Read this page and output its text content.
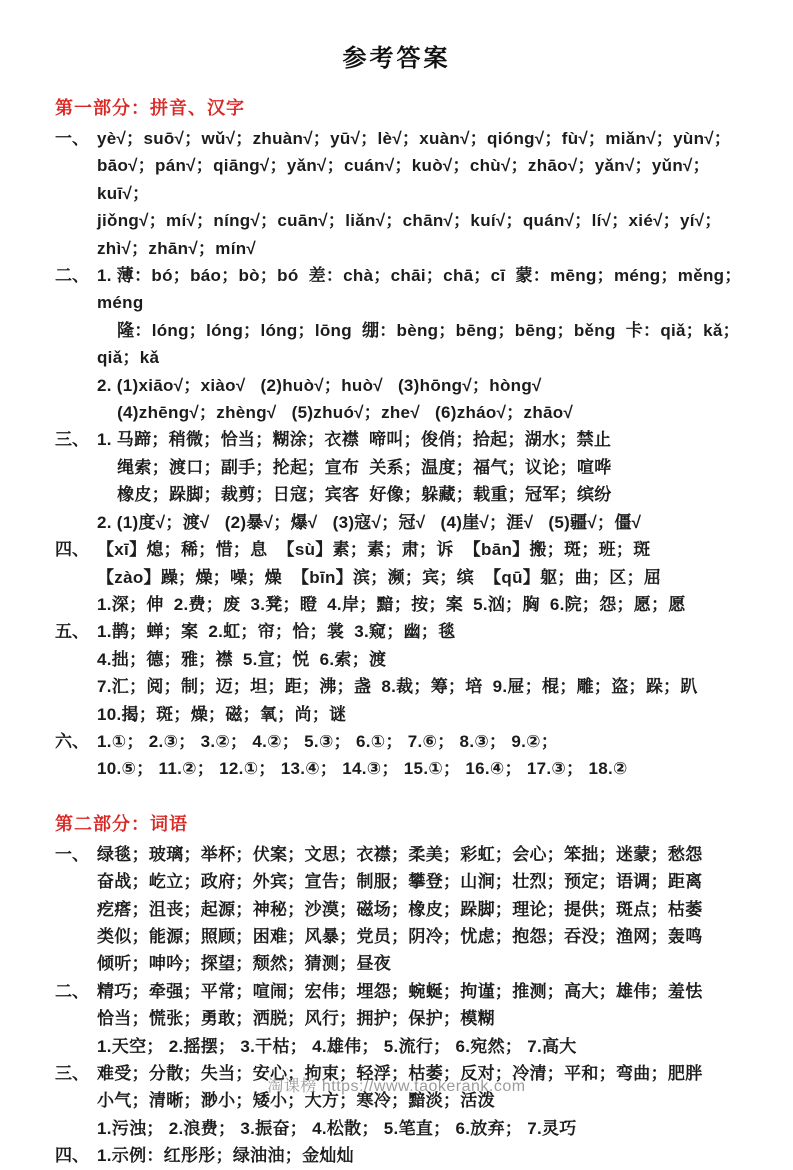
参考答案
第一部分：拼音、汉字
一、 yè√；suō√；wǔ√；zhuàn√；yū√；lè√；xuàn√；qióng√；fù√；miǎn√；yùn√；
bāo√；pán√；qiāng√；yǎn√；cuán√；kuò√；chù√；zhāo√；yǎn√；yǔn√；kuī√；
jiǒng√；mí√；níng√；cuān√；liǎn√；chān√；kuí√；quán√；lí√；xié√；yí√；
zhì√；zhān√；mín√
二、 1. 薄：bó；báo；bò；bó  差：chà；chāi；chā；cī  蒙：mēng；méng；měng；méng
隆：lóng；lóng；lóng；lōng  绷：bèng；bēng；bēng；běng  卡：qiǎ；kǎ；qiǎ；kǎ
2. (1)xiāo√；xiào√   (2)huò√；huò√   (3)hōng√；hòng√
(4)zhēng√；zhèng√   (5)zhuó√；zhe√   (6)zháo√；zhāo√
三、 1. 马蹄；稍微；恰当；糊涂；衣襟  啼叫；俊俏；拾起；湖水；禁止
绳索；渡口；副手；抡起；宣布  关系；温度；福气；议论；喧哗
橡皮；跺脚；裁剪；日寇；宾客  好像；躲藏；载重；冠军；缤纷
2. (1)度√；渡√   (2)暴√；爆√   (3)寇√；冠√   (4)崖√；涯√   (5)疆√；僵√
四、 【xī】熄；稀；惜；息  【sù】素；素；肃；诉  【bān】搬；斑；班；斑
【zào】躁；燥；噪；燥  【bīn】滨；濒；宾；缤  【qū】躯；曲；区；屈
1.深；伸  2.费；废  3.凳；瞪  4.岸；黯；按；案  5.汹；胸  6.院；怨；愿；愿
五、 1.鹊；蝉；案  2.虹；帘；恰；裳  3.窥；幽；毯
4.拙；德；雅；襟  5.宣；悦  6.索；渡
7.汇；阅；制；迈；坦；距；沸；盏  8.裁；筹；培  9.屉；棍；雕；盗；跺；趴
10.揭；斑；燥；磁；氧；尚；谜
六、 1.①； 2.③； 3.②； 4.②； 5.③； 6.①； 7.⑥； 8.③； 9.②；
10.⑤； 11.②； 12.①； 13.④； 14.③； 15.①； 16.④； 17.③； 18.②
第二部分：词语
一、 绿毯；玻璃；举杯；伏案；文思；衣襟；柔美；彩虹；会心；笨拙；迷蒙；愁怨
奋战；屹立；政府；外宾；宣告；制服；攀登；山涧；壮烈；预定；语调；距离
疙瘩；沮丧；起源；神秘；沙漠；磁场；橡皮；跺脚；理论；提供；斑点；枯萎
类似；能源；照顾；困难；风暴；党员；阴冷；忧虑；抱怨；吞没；渔网；轰鸣
倾听；呻吟；探望；颓然；猜测；昼夜
二、 精巧；牵强；平常；喧闹；宏伟；埋怨；蜿蜒；拘谨；推测；高大；雄伟；羞怯
恰当；慌张；勇敢；洒脱；风行；拥护；保护；模糊
1.天空； 2.摇摆； 3.干枯； 4.雄伟； 5.流行； 6.宛然； 7.高大
三、 难受；分散；失当；安心；拘束；轻浮；枯萎；反对；冷清；平和；弯曲；肥胖
小气；清晰；渺小；矮小；大方；寒冷；黯淡；活泼
1.污浊； 2.浪费； 3.振奋； 4.松散； 5.笔直； 6.放弃； 7.灵巧
四、 1.示例：红彤彤；绿油油；金灿灿
淘课榜 https://www.taokerank.com
